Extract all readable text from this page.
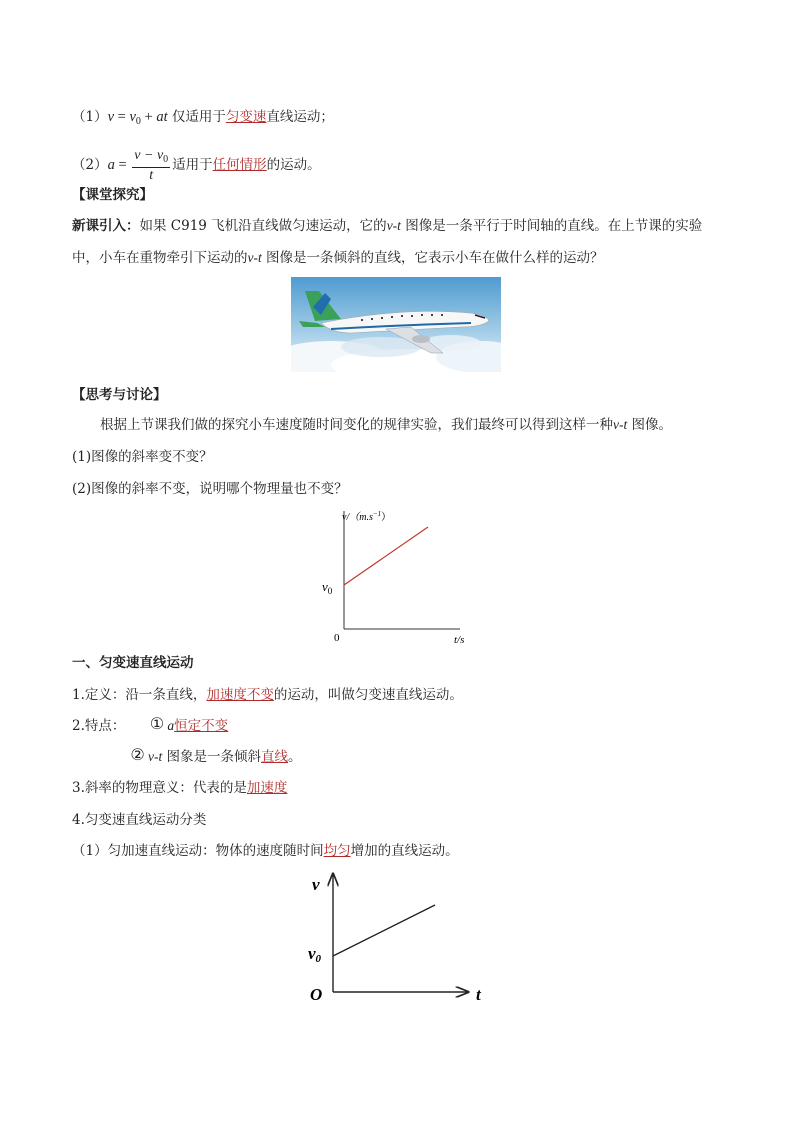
$(1)v = v_0$ + at 仅适用于匀变速直线运动；
$(2)a = \frac{v - v_0}{t}$ 适用于任何情形的运动。
【课堂探究】
新课引入：如果 C919 飞机沿直线做匀速运动，它的v-t 图像是一条平行于时间轴的直线。在上节课的实验
中，小车在重物牵引下运动的v-t 图像是一条倾斜的直线，它表示小车在做什么样的运动？
【思考与讨论】
根据上节课我们做的探究小车速度随时间变化的规律实验，我们最终可以得到这样一种v-t 图像。
(1)图像的斜率变不变？
(2)图像的斜率不变，说明哪个物理量也不变？
$v/(m.s^{-1})$
$v_0$
0	t/s
一、匀变速直线运动
1.定义：沿一条直线，加速度不变的运动，叫做匀变速直线运动。
2.特点： ① a恒定不变
② v-t 图象是一条倾斜直线。
3.斜率的物理意义：代表的是加速度
4.匀变速直线运动分类
（1）匀加速直线运动：物体的速度随时间均匀增加的直线运动。
v
v0
O	t
